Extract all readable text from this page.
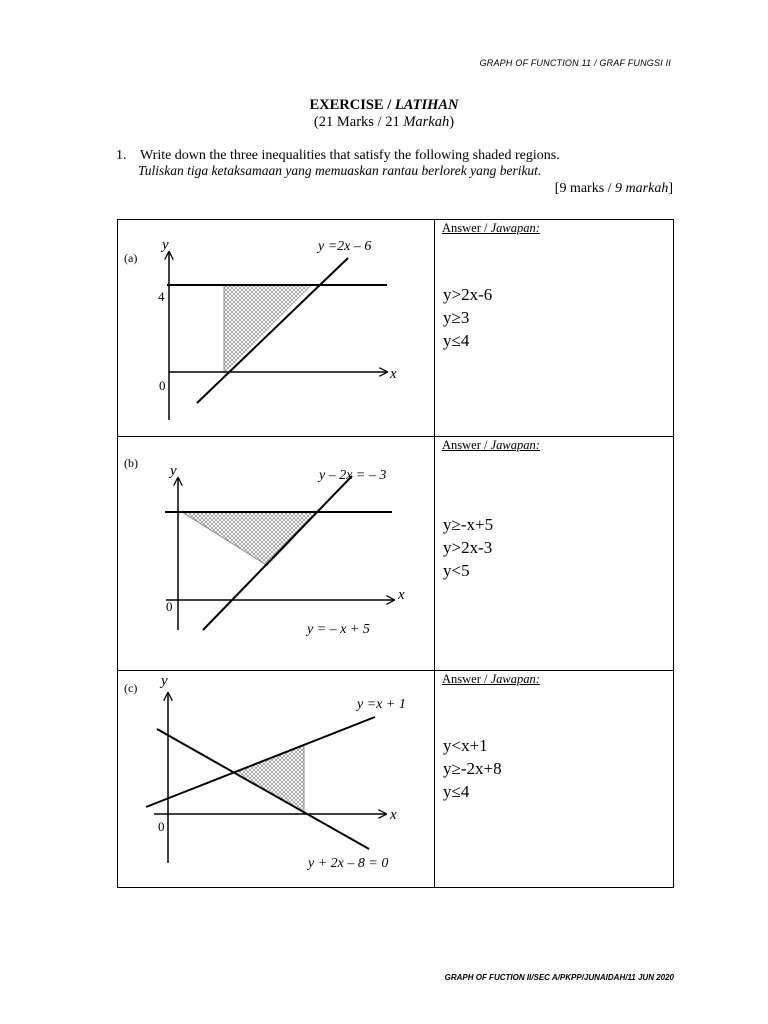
GRAPH OF FUNCTION 11 / GRAF FUNGSI II
EXERCISE / LATIHAN
(21 Marks / 21 Markah)
1. Write down the three inequalities that satisfy the following shaded regions.
Tuliskan tiga ketaksamaan yang memuaskan rantau berlorek yang berikut.
[9 marks / 9 markah]
Answer / Jawapan:
Answer / Jawapan:
Answer / Jawapan:
y>2x-6
y≥3
y≤4
y≥-x+5
y>2x-3
y<5
y<x+1
y≥-2x+8
y≤4
(a)
y
x
0
4
y =2x – 6
(b) y
x
0
y – 2x = – 3
y = – x + 5
(c) y
x
0
y =x + 1
y + 2x – 8 = 0
GRAPH OF FUCTION II/SEC A/PKPP/JUNAIDAH/11 JUN 2020
